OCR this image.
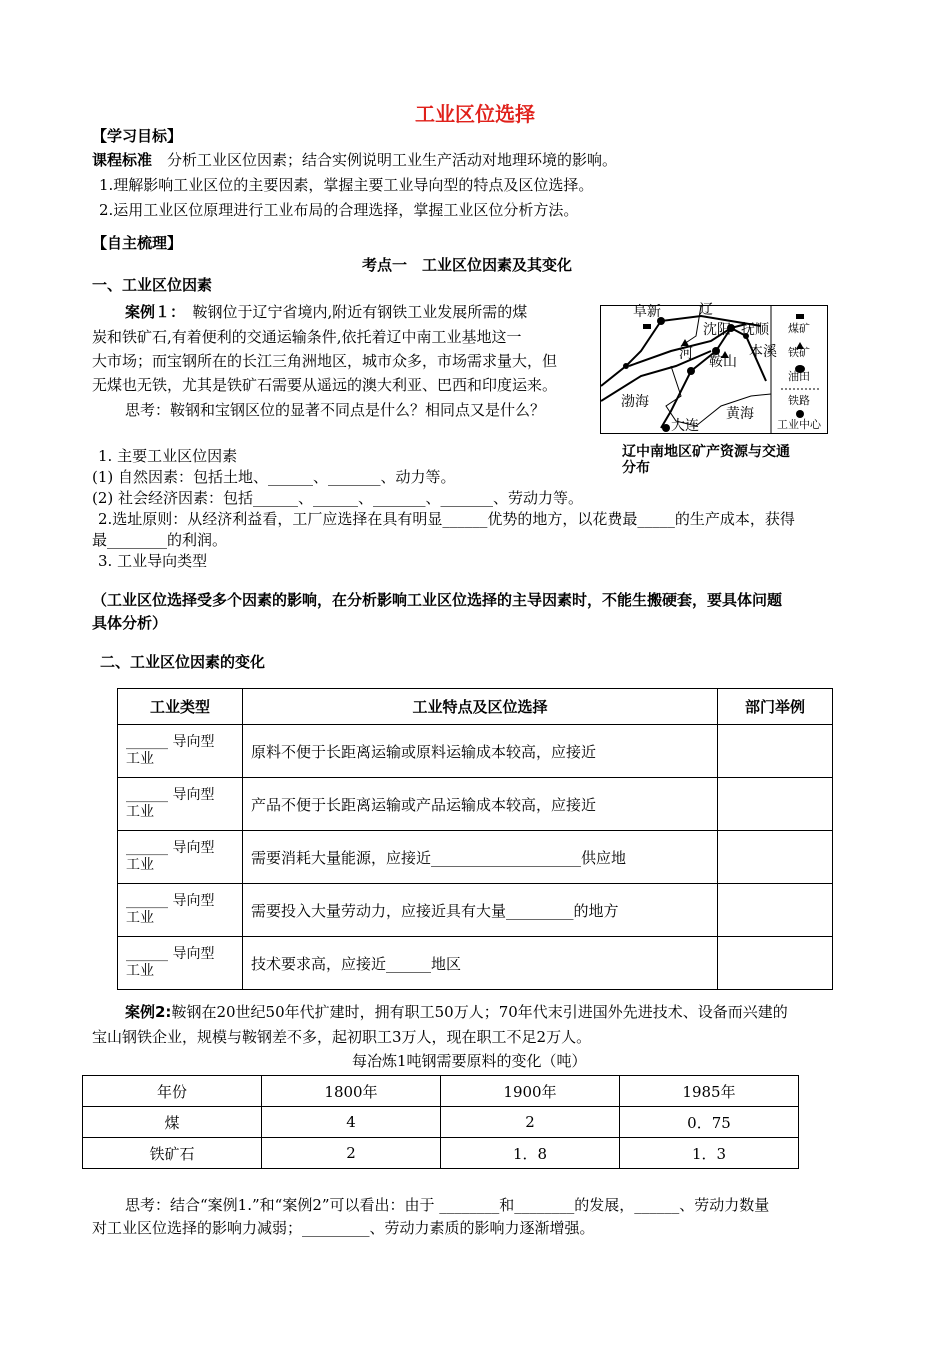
工业区位选择
【学习目标】
课程标准　 分析工业区位因素；结合实例说明工业生产活动对地理环境的影响。
1.理解影响工业区位的主要因素，掌握主要工业导向型的特点及区位选择。
2.运用工业区位原理进行工业布局的合理选择，掌握工业区位分析方法。
【自主梳理】
考点一　工业区位因素及其变化
一、工业区位因素
案例１：　 鞍钢位于辽宁省境内,附近有钢铁工业发展所需的煤
炭和铁矿石,有着便利的交通运输条件,依托着辽中南工业基地这一
大市场；而宝钢所在的长江三角洲地区，城市众多，市场需求量大，但
无煤也无铁，尤其是铁矿石需要从遥远的澳大利亚、巴西和印度运来。
思考：鞍钢和宝钢区位的显著不同点是什么？相同点又是什么？
阜新	辽
沈阳 抚顺
河 鞍山
本溪
渤海
黄海
大连
煤矿
铁矿
油田
铁路
工业中心
辽中南地区矿产资源与交通
分布
1. 主要工业区位因素
(1) 自然因素：包括土地、______、_______、动力等。
(2) 社会经济因素：包括______、______、_______、_______、劳动力等。
2.选址原则：从经济利益看，工厂应选择在具有明显______优势的地方，以花费最_____的生产成本，获得
最________的利润。
3. 工业导向类型
（工业区位选择受多个因素的影响，在分析影响工业区位选择的主导因素时，不能生搬硬套，要具体问题
具体分析）
二、工业区位因素的变化
工业类型	工业特点及区位选择	部门举例

______ 导向型
工业	原料不便于长距离运输或原料运输成本较高，应接近	

______ 导向型
工业	产品不便于长距离运输或产品运输成本较高，应接近	

______ 导向型
工业	需要消耗大量能源，应接近____________________供应地	

______ 导向型
工业	需要投入大量劳动力，应接近具有大量_________的地方	

______ 导向型
工业	技术要求高，应接近______地区	
案例2:鞍钢在20世纪50年代扩建时，拥有职工50万人；70年代末引进国外先进技术、设备而兴建的
宝山钢铁企业，规模与鞍钢差不多，起初职工3万人，现在职工不足2万人。
每冶炼1吨钢需要原料的变化（吨）
年份	1800年	1900年	1985年
煤	4	2	0．75
铁矿石	2	1．8	1．3
思考：结合“案例1.”和“案例2”可以看出：由于 ________和________的发展，______、劳动力数量
对工业区位选择的影响力减弱；_________、劳动力素质的影响力逐渐增强。
